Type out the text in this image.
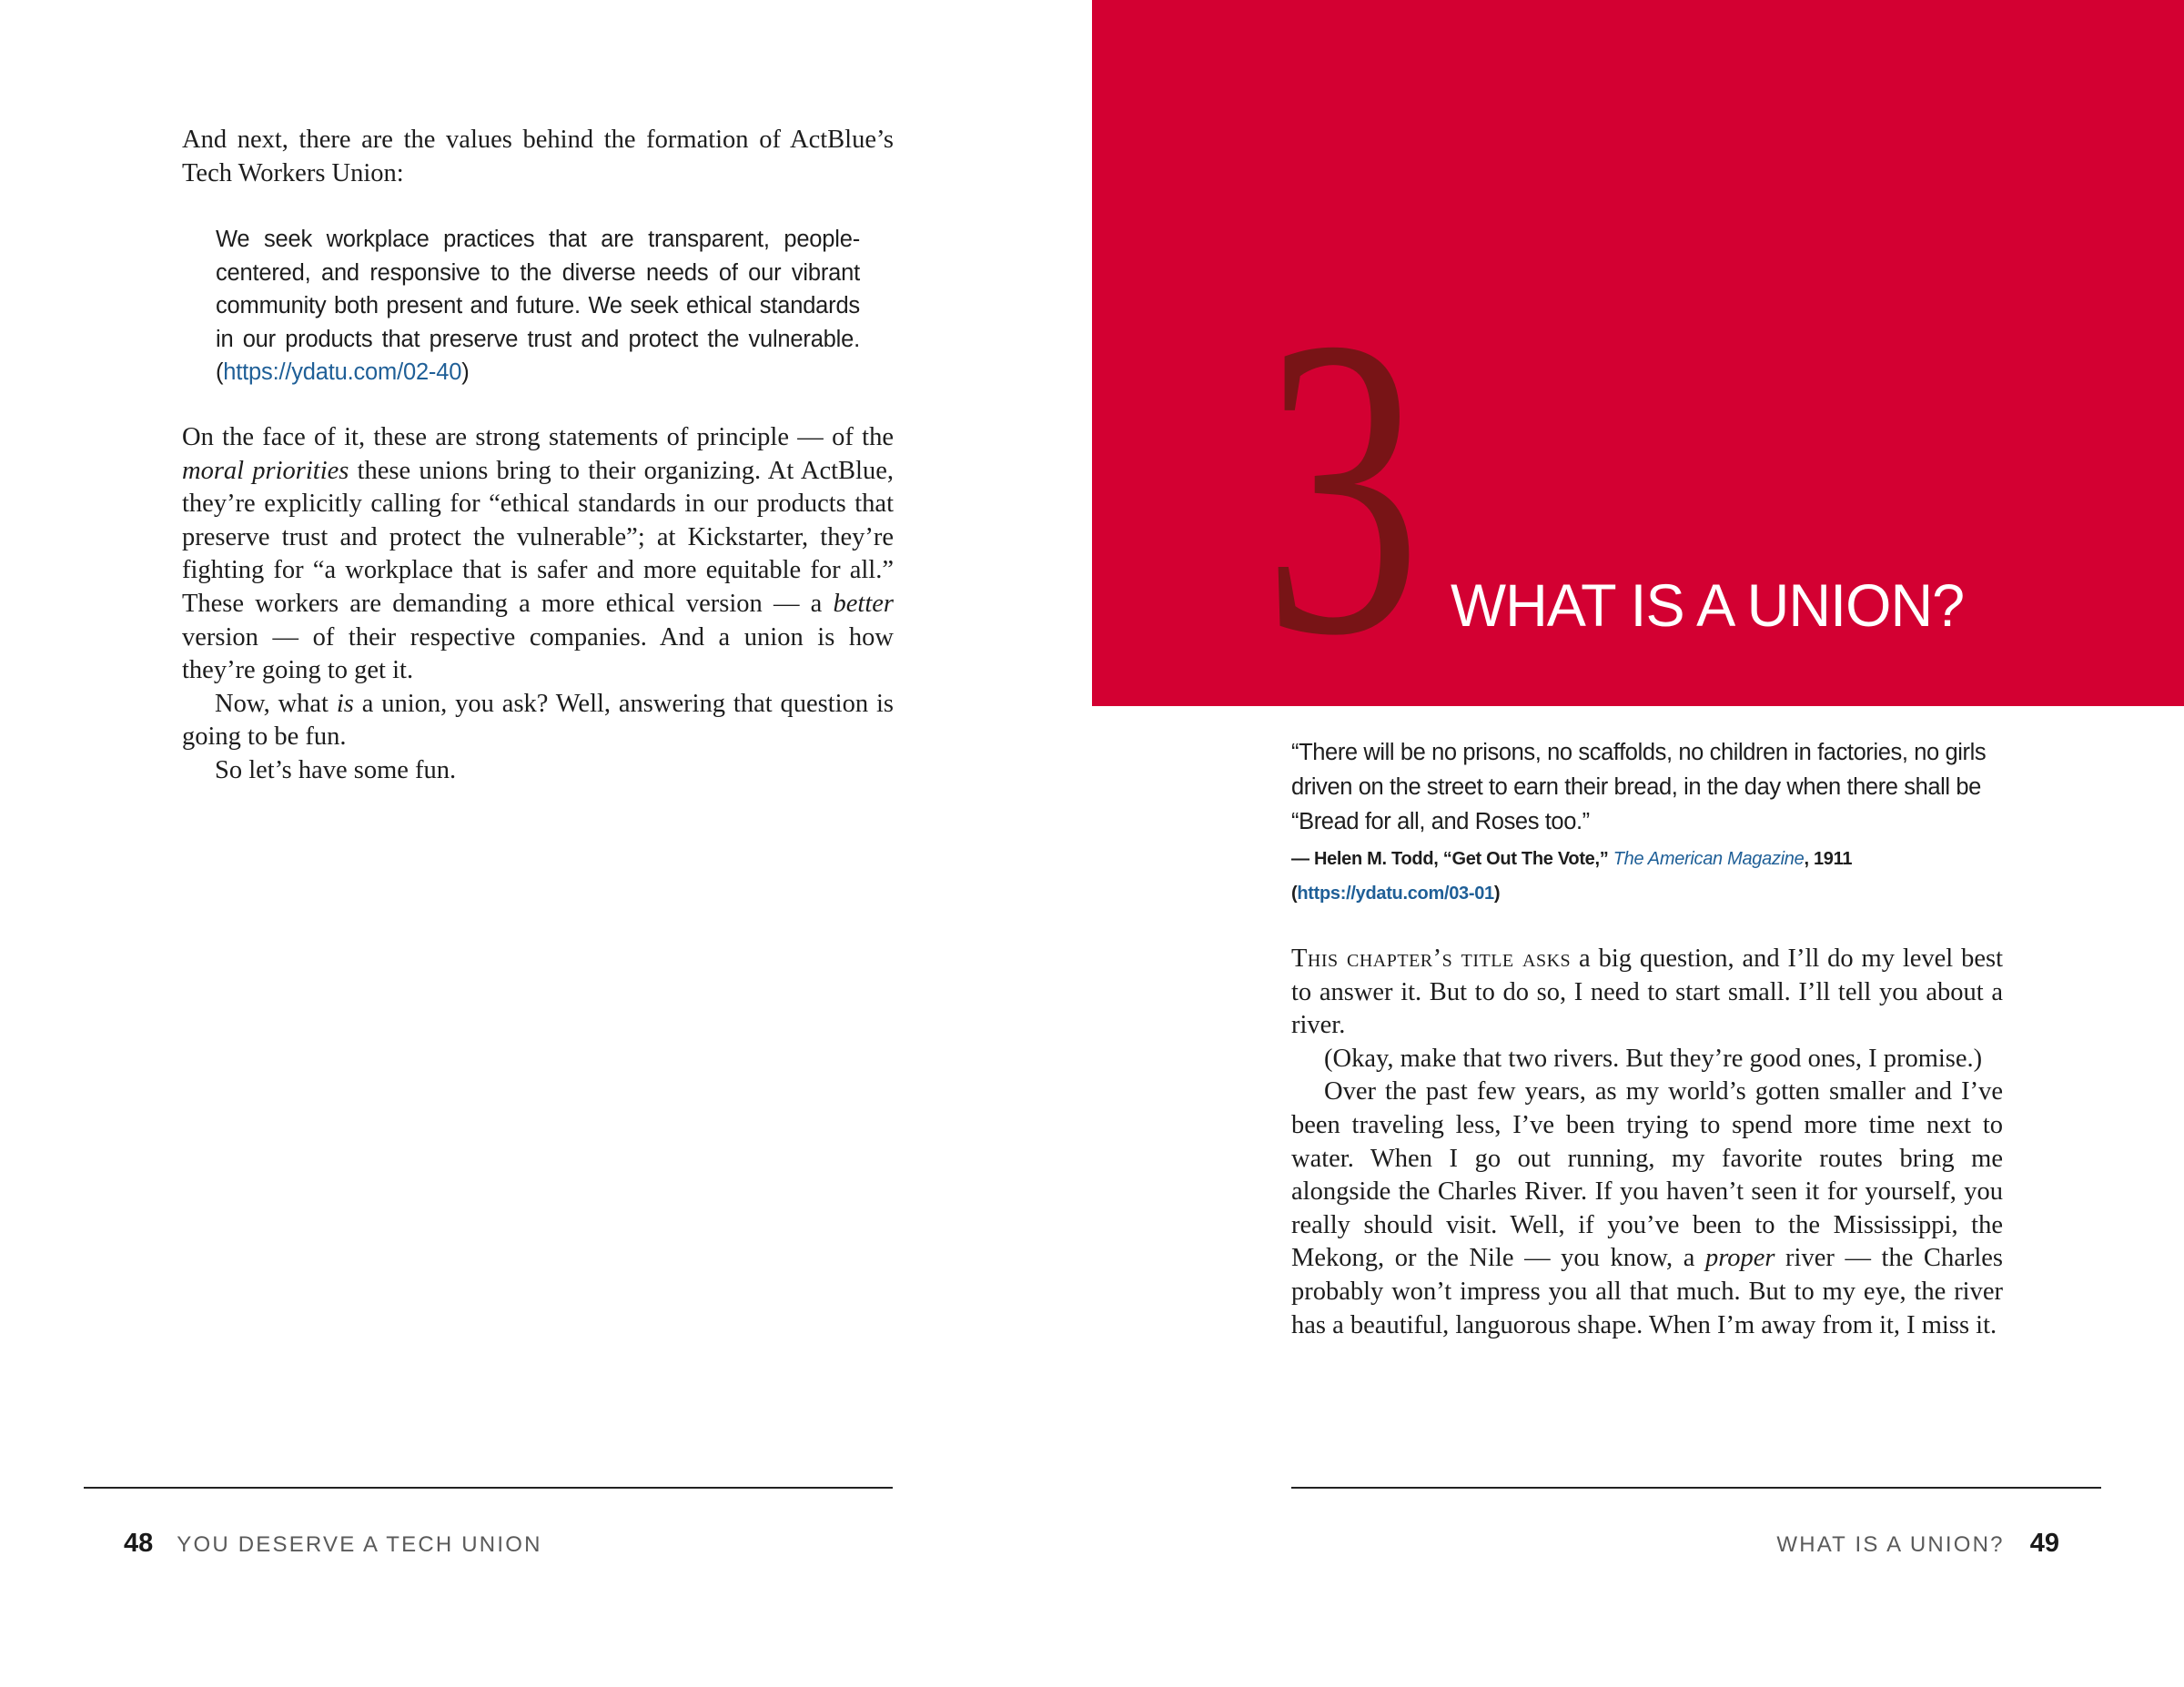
And next, there are the values behind the formation of ActBlue’s Tech Workers Union:

We seek workplace practices that are transparent, people-centered, and responsive to the diverse needs of our vibrant community both present and future. We seek ethical standards in our products that preserve trust and protect the vulnerable. (https://ydatu.com/02-40)

On the face of it, these are strong statements of principle — of the moral priorities these unions bring to their organizing. At ActBlue, they’re explicitly calling for “ethical standards in our products that preserve trust and protect the vulnerable”; at Kickstarter, they’re fighting for “a workplace that is safer and more equitable for all.” These workers are demanding a more ethical version — a better version — of their respective companies. And a union is how they’re going to get it.

Now, what is a union, you ask? Well, answering that question is going to be fun.

So let’s have some fun.

48 YOU DESERVE A TECH UNION
3 WHAT IS A UNION?
“There will be no prisons, no scaffolds, no children in factories, no girls driven on the street to earn their bread, in the day when there shall be “Bread for all, and Roses too.”
— Helen M. Todd, “Get Out The Vote,” The American Magazine, 1911 (https://ydatu.com/03-01)

This chapter’s title asks a big question, and I’ll do my level best to answer it. But to do so, I need to start small. I’ll tell you about a river.

(Okay, make that two rivers. But they’re good ones, I promise.)

Over the past few years, as my world’s gotten smaller and I’ve been traveling less, I’ve been trying to spend more time next to water. When I go out running, my favorite routes bring me alongside the Charles River. If you haven’t seen it for yourself, you really should visit. Well, if you’ve been to the Mississippi, the Mekong, or the Nile — you know, a proper river — the Charles probably won’t impress you all that much. But to my eye, the river has a beautiful, languorous shape. When I’m away from it, I miss it.

WHAT IS A UNION? 49
